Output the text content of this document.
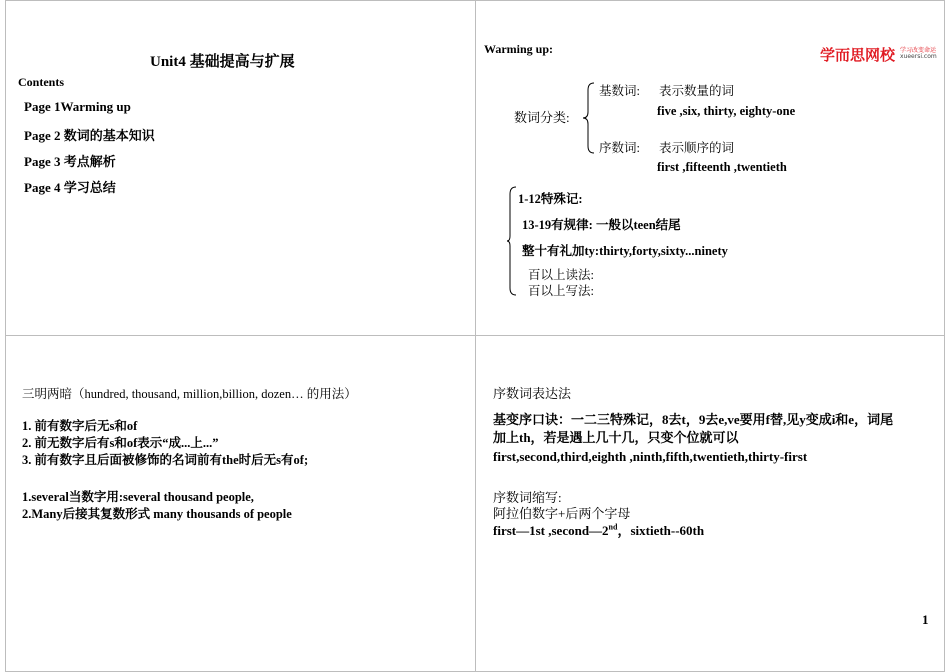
Unit4 基础提高与扩展
Contents
Page 1Warming up
Page 2 数词的基本知识
Page 3 考点解析
Page 4 学习总结
Warming up:	学而思网校 学习改变命运
xueersi.com
数词分类:
基数词: 表示数量的词
five ,six, thirty, eighty-one
序数词: 表示顺序的词
first ,fifteenth ,twentieth
1-12特殊记:
13-19有规律: 一般以teen结尾
整十有礼加ty:thirty,forty,sixty...ninety
百以上读法:
百以上写法:
三明两暗（hundred, thousand, million,billion, dozen… 的用法）
1. 前有数字后无s和of
2. 前无数字后有s和of表示“成...上...”
3. 前有数字且后面被修饰的名词前有the时后无s有of;
1.several当数字用:several thousand people,
2.Many后接其复数形式 many thousands of people
序数词表达法
基变序口诀：一二三特殊记，8去t，9去e,ve要用f替,见y变成i和e，词尾
加上th，若是遇上几十几，只变个位就可以
first,second,third,eighth ,ninth,fifth,twentieth,thirty-first
序数词缩写:
阿拉伯数字+后两个字母
first—1st ,second—2nd，sixtieth--60th
1
